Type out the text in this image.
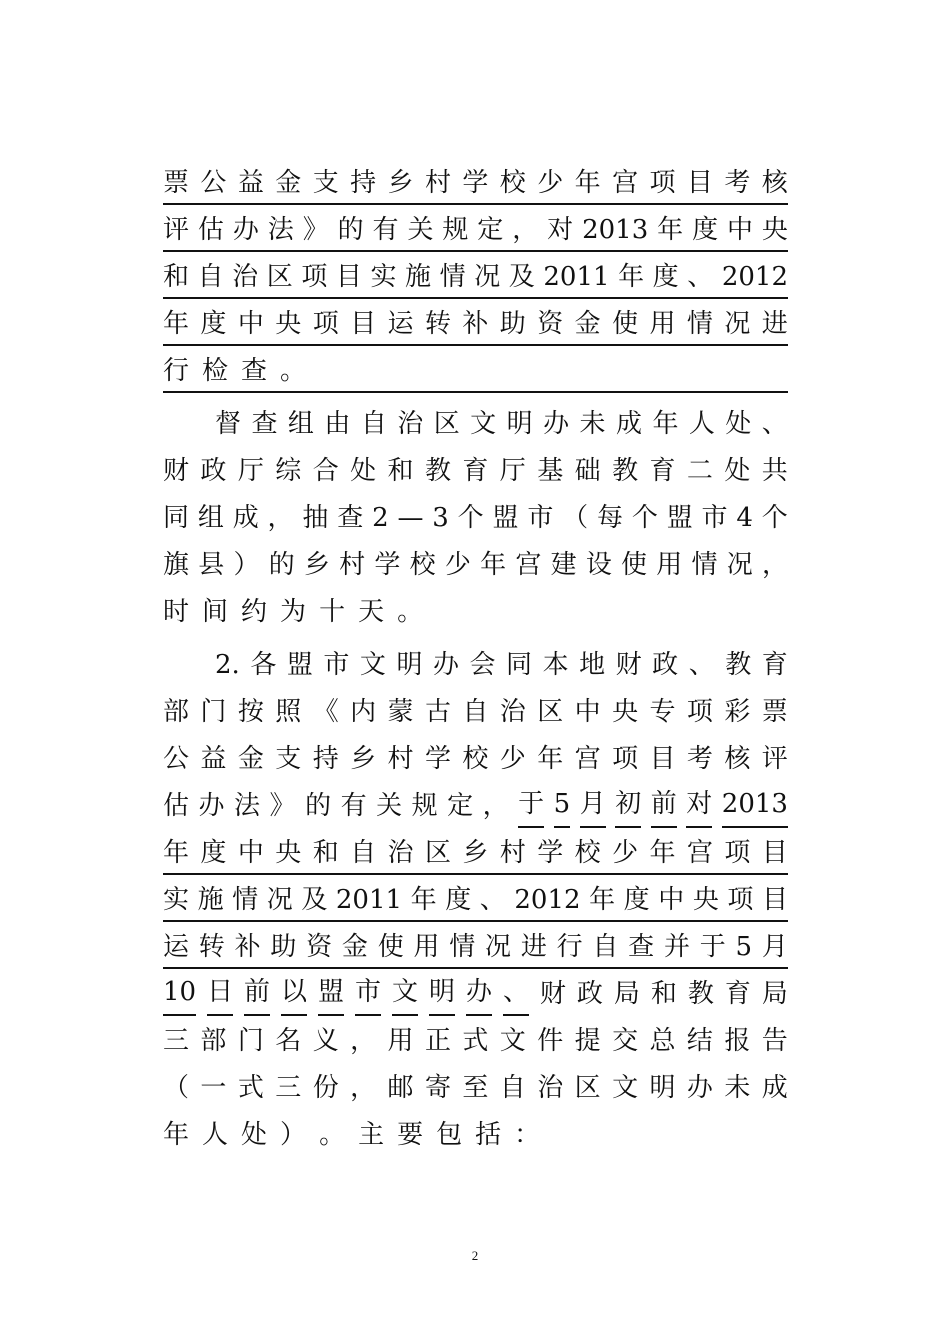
票 公 益 金 支 持 乡 村 学 校 少 年 宫 项 目 考 核
评 估 办 法 》 的 有 关 规 定 ， 对 2013 年 度 中 央
和 自 治 区 项 目 实 施 情 况 及 2011 年 度 、 2012
年 度 中 央 项 目 运 转 补 助 资 金 使 用 情 况 进
行 检 查 。
督 查 组 由 自 治 区 文 明 办 未 成 年 人 处 、
财 政 厅 综 合 处 和 教 育 厅 基 础 教 育 二 处 共
同 组 成 ， 抽 查 2 — 3 个 盟 市 （ 每 个 盟 市 4 个
旗 县 ） 的 乡 村 学 校 少 年 宫 建 设 使 用 情 况 ，
时 间 约 为 十 天 。
2. 各 盟 市 文 明 办 会 同 本 地 财 政 、 教 育
部 门 按 照 《 内 蒙 古 自 治 区 中 央 专 项 彩 票
公 益 金 支 持 乡 村 学 校 少 年 宫 项 目 考 核 评
估 办 法 》 的 有 关 规 定 ， 于 5 月 初 前 对 2013
年 度 中 央 和 自 治 区 乡 村 学 校 少 年 宫 项 目
实 施 情 况 及 2011 年 度 、 2012 年 度 中 央 项 目
运 转 补 助 资 金 使 用 情 况 进 行 自 查 并 于 5 月
10 日 前 以 盟 市 文 明 办 、 财 政 局 和 教 育 局
三 部 门 名 义 ， 用 正 式 文 件 提 交 总 结 报 告
（ 一 式 三 份 ， 邮 寄 至 自 治 区 文 明 办 未 成
年 人 处 ） 。 主 要 包 括 ：
2
